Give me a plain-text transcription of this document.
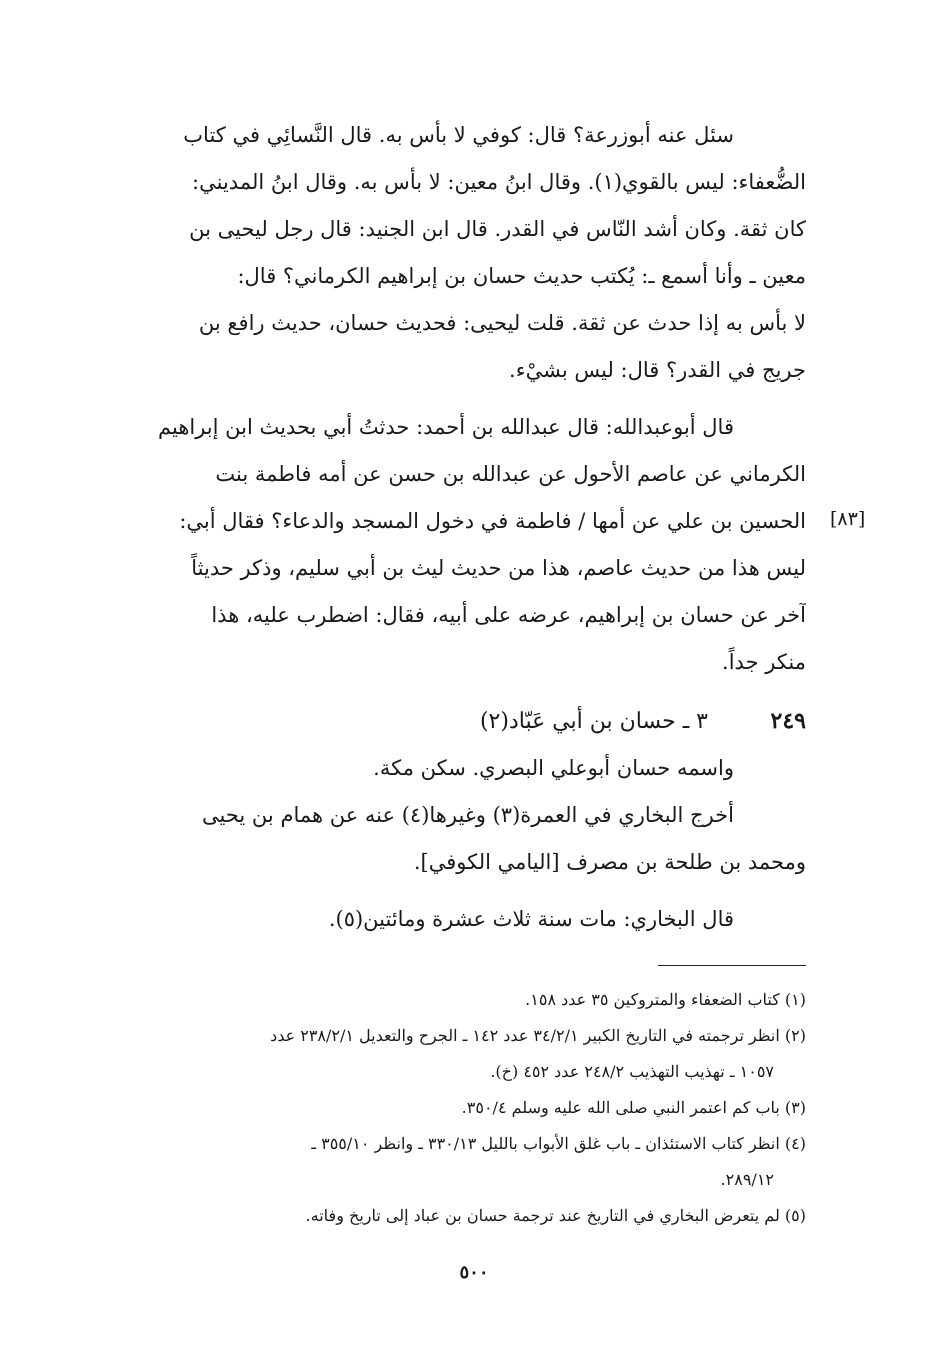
سئل عنه أبوزرعة؟ قال: كوفي لا بأس به. قال النَّسائِي في كتاب
الضُّعفاء: ليس بالقوي(١). وقال ابنُ معين: لا بأس به. وقال ابنُ المديني:
كان ثقة. وكان أشد النّاس في القدر. قال ابن الجنيد: قال رجل ليحيى بن
معين ـ وأنا أسمع ـ: يُكتب حديث حسان بن إبراهيم الكرماني؟ قال:
لا بأس به إذا حدث عن ثقة. قلت ليحيى: فحديث حسان، حديث رافع بن
جريج في القدر؟ قال: ليس بشيْء.
قال أبوعبدالله: قال عبدالله بن أحمد: حدثتُ أبي بحديث ابن إبراهيم
الكرماني عن عاصم الأحول عن عبدالله بن حسن عن أمه فاطمة بنت
الحسين بن علي عن أمها / فاطمة في دخول المسجد والدعاء؟ فقال أبي:
ليس هذا من حديث عاصم، هذا من حديث ليث بن أبي سليم، وذكر حديثاً
آخر عن حسان بن إبراهيم، عرضه على أبيه، فقال: اضطرب عليه، هذا
منكر جداً.
[٨٣]
٢٤٩٣ ـ حسان بن أبي عَبّاد(٢)
واسمه حسان أبوعلي البصري. سكن مكة.
أخرج البخاري في العمرة(٣) وغيرها(٤) عنه عن همام بن يحيى
ومحمد بن طلحة بن مصرف [اليامي الكوفي].
قال البخاري: مات سنة ثلاث عشرة ومائتين(٥).
(١) كتاب الضعفاء والمتروكين ٣٥ عدد ١٥٨.
(٢) انظر ترجمته في التاريخ الكبير ٣٤/٢/١ عدد ١٤٢ ـ الجرح والتعديل ٢٣٨/٢/١ عدد
١٠٥٧ ـ تهذيب التهذيب ٢٤٨/٢ عدد ٤٥٢ (خ).
(٣) باب كم اعتمر النبي صلى الله عليه وسلم ٣٥٠/٤.
(٤) انظر كتاب الاستئذان ـ باب غلق الأبواب بالليل ٣٣٠/١٣ ـ وانظر ٣٥٥/١٠ ـ
٢٨٩/١٢.
(٥) لم يتعرض البخاري في التاريخ عند ترجمة حسان بن عباد إلى تاريخ وفاته.
٥٠٠
